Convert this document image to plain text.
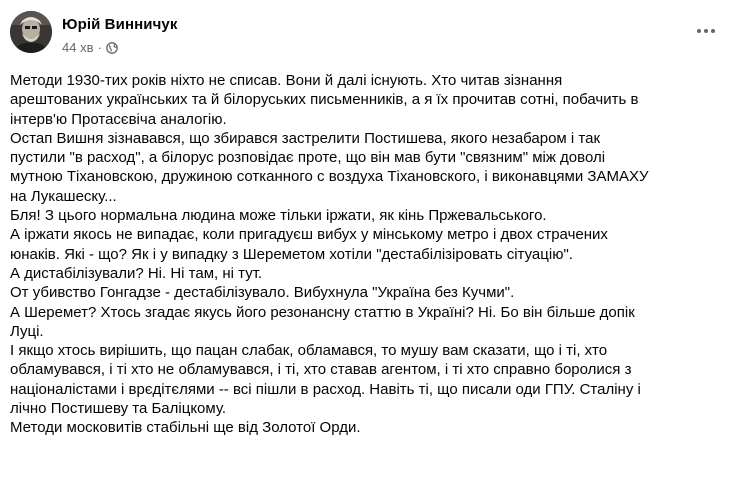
Юрій Винничук
44 хв ·

Методи 1930-тих років ніхто не списав. Вони й далі існують. Хто читав зізнання

арештованих українських та й білоруських письменників, а я їх прочитав сотні, побачить в

інтерв'ю Протасєвіча аналогію.

Остап Вишня зізнавався, що збирався застрелити Постишева, якого незабаром і так

пустили "в расход", а білорус розповідає проте, що він мав бути "связним" між доволі

мутною Тіхановскою, дружиною сотканного с воздуха Тіхановского, і виконавцями ЗАМАХУ

на Лукашеску...

Бля! З цього нормальна людина може тільки іржати, як кінь Пржевальського.

А іржати якось не випадає, коли пригадуєш вибух у мінському метро і двох страчених

юнаків. Які - що? Як і у випадку з Шереметом хотіли "дестабілізіровать сітуацію".

А дистабілізували? Ні. Ні там, ні тут.

От убивство Гонгадзе - дестабілізувало. Вибухнула "Україна без Кучми".

А Шеремет? Хтось згадає якусь його резонансну статтю в Україні? Ні. Бо він більше допік

Луці.

І якщо хтось вирішить, що пацан слабак, обламався, то мушу вам сказати, що і ті, хто

обламувався, і ті хто не обламувався, і ті, хто ставав агентом, і ті хто справно боролися з

націоналістами і врєдітєлями -- всі пішли в расход. Навіть ті, що писали оди ГПУ. Сталіну і

лічно Постишеву та Баліцкому.

Методи московитів стабільні ще від Золотої Орди.
